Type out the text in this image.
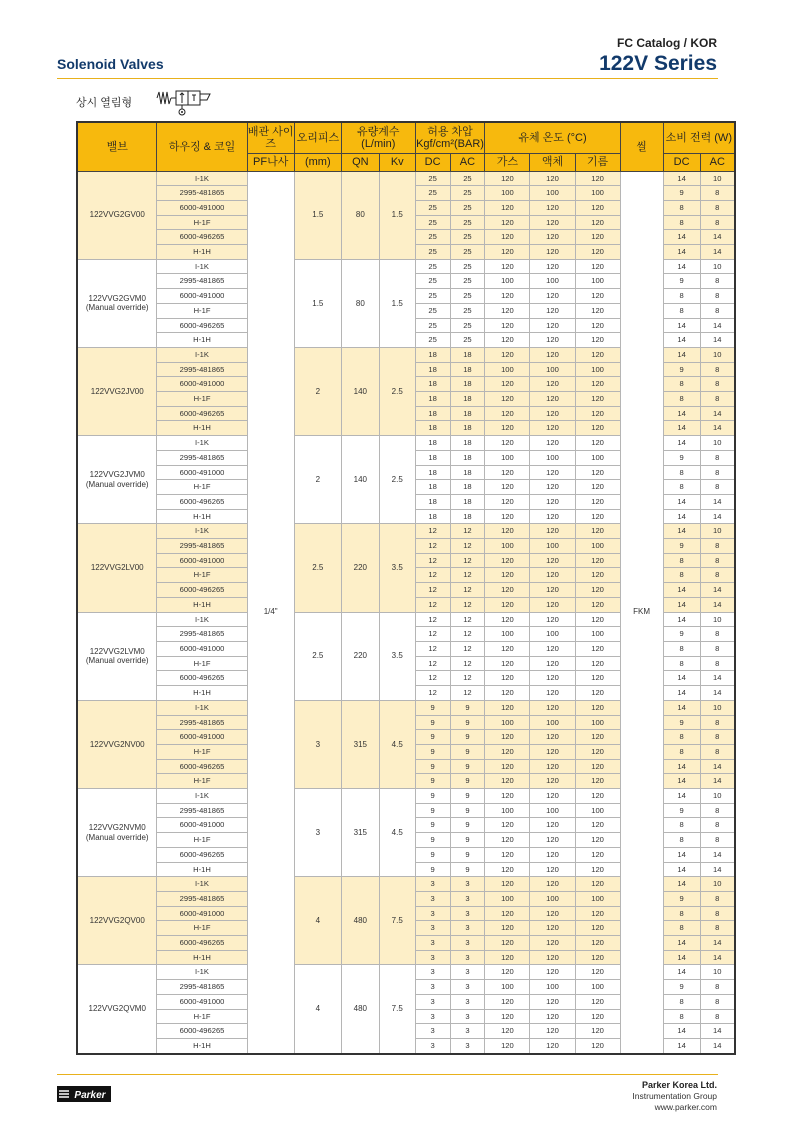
FC Catalog / KOR
122V Series
Solenoid Valves
상시 열림형
밸브	하우징 & 코일	배관 사이즈	오리피스	유량계수 (L/min)		허용 차압
Kgf/cm²(BAR)		유체 온도 (°C)			씰	소비 전력 (W)	
		PF나사	(mm)	QN	Kv	DC	AC	가스	액체	기름		DC	AC

122VVG2GV00	I-1K	1/4"	1.5	80	1.5	25	25	120	120	120	FKM	14	10
	2995-481865					25	25	100	100	100		9	8
	6000-491000					25	25	120	120	120		8	8
	H-1F					25	25	120	120	120		8	8
	6000-496265					25	25	120	120	120		14	14
	H-1H					25	25	120	120	120		14	14

122VVG2GVM0
(Manual override)	I-1K		1.5	80	1.5	25	25	120	120	120		14	10
	2995-481865					25	25	100	100	100		9	8
	6000-491000					25	25	120	120	120		8	8
	H-1F					25	25	120	120	120		8	8
	6000-496265					25	25	120	120	120		14	14
	H-1H					25	25	120	120	120		14	14

122VVG2JV00	I-1K		2	140	2.5	18	18	120	120	120		14	10
	2995-481865					18	18	100	100	100		9	8
	6000-491000					18	18	120	120	120		8	8
	H-1F					18	18	120	120	120		8	8
	6000-496265					18	18	120	120	120		14	14
	H-1H					18	18	120	120	120		14	14

122VVG2JVM0
(Manual override)	I-1K		2	140	2.5	18	18	120	120	120		14	10
	2995-481865					18	18	100	100	100		9	8
	6000-491000					18	18	120	120	120		8	8
	H-1F					18	18	120	120	120		8	8
	6000-496265					18	18	120	120	120		14	14
	H-1H					18	18	120	120	120		14	14

122VVG2LV00	I-1K		2.5	220	3.5	12	12	120	120	120		14	10
	2995-481865					12	12	100	100	100		9	8
	6000-491000					12	12	120	120	120		8	8
	H-1F					12	12	120	120	120		8	8
	6000-496265					12	12	120	120	120		14	14
	H-1H					12	12	120	120	120		14	14

122VVG2LVM0
(Manual override)	I-1K		2.5	220	3.5	12	12	120	120	120		14	10
	2995-481865					12	12	100	100	100		9	8
	6000-491000					12	12	120	120	120		8	8
	H-1F					12	12	120	120	120		8	8
	6000-496265					12	12	120	120	120		14	14
	H-1H					12	12	120	120	120		14	14

122VVG2NV00	I-1K		3	315	4.5	9	9	120	120	120		14	10
	2995-481865					9	9	100	100	100		9	8
	6000-491000					9	9	120	120	120		8	8
	H-1F					9	9	120	120	120		8	8
	6000-496265					9	9	120	120	120		14	14
	H-1F					9	9	120	120	120		14	14

122VVG2NVM0
(Manual override)	I-1K		3	315	4.5	9	9	120	120	120		14	10
	2995-481865					9	9	100	100	100		9	8
	6000-491000					9	9	120	120	120		8	8
	H-1F					9	9	120	120	120		8	8
	6000-496265					9	9	120	120	120		14	14
	H-1H					9	9	120	120	120		14	14

122VVG2QV00	I-1K		4	480	7.5	3	3	120	120	120		14	10
	2995-481865					3	3	100	100	100		9	8
	6000-491000					3	3	120	120	120		8	8
	H-1F					3	3	120	120	120		8	8
	6000-496265					3	3	120	120	120		14	14
	H-1H					3	3	120	120	120		14	14

122VVG2QVM0	I-1K		4	480	7.5	3	3	120	120	120		14	10
	2995-481865					3	3	100	100	100		9	8
	6000-491000					3	3	120	120	120		8	8
	H-1F					3	3	120	120	120		8	8
	6000-496265					3	3	120	120	120		14	14
	H-1H					3	3	120	120	120		14	14
Parker
Parker Korea Ltd.
Instrumentation Group
www.parker.com
